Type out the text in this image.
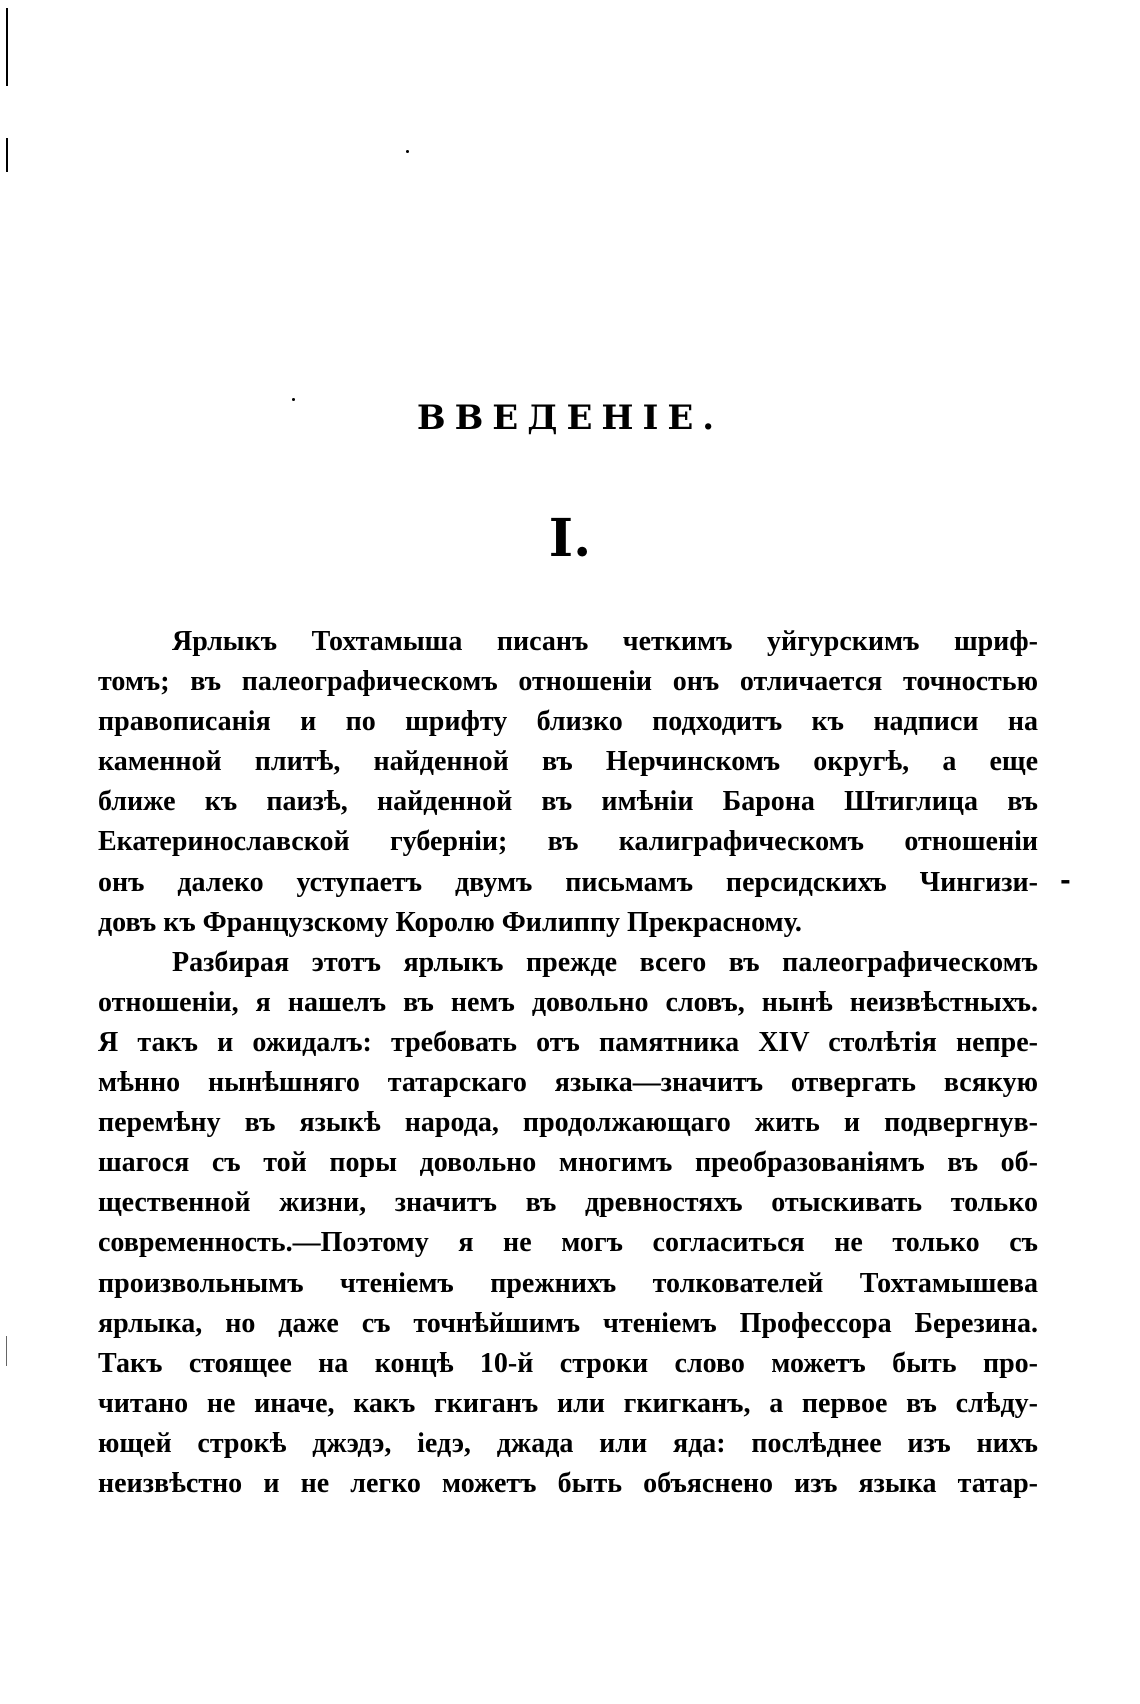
ВВЕДЕНІЕ.
I.
-
Ярлыкъ Тохтамыша писанъ четкимъ уйгурскимъ шриф-
томъ; въ палеографическомъ отношеніи онъ отличается точностью
правописанія и по шрифту близко подходитъ къ надписи на
каменной плитѣ, найденной въ Нерчинскомъ округѣ, а еще
ближе къ паизѣ, найденной въ имѣніи Барона Штиглица въ
Екатеринославской губерніи; въ калиграфическомъ отношеніи
онъ далеко уступаетъ двумъ письмамъ персидскихъ Чингизи-
довъ къ Французскому Королю Филиппу Прекрасному.
Разбирая этотъ ярлыкъ прежде всего въ палеографическомъ
отношеніи, я нашелъ въ немъ довольно словъ, нынѣ неизвѣстныхъ.
Я такъ и ожидалъ: требовать отъ памятника XIV столѣтія непре-
мѣнно нынѣшняго татарскаго языка—значитъ отвергать всякую
перемѣну въ языкѣ народа, продолжающаго жить и подвергнув-
шагося съ той поры довольно многимъ преобразованіямъ въ об-
щественной жизни, значитъ въ древностяхъ отыскивать только
современность.—Поэтому я не могъ согласиться не только съ
произвольнымъ чтеніемъ прежнихъ толкователей Тохтамышева
ярлыка, но даже съ точнѣйшимъ чтеніемъ Профессора Березина.
Такъ стоящее на концѣ 10-й строки слово можетъ быть про-
читано не иначе, какъ гкиганъ или гкигканъ, а первое въ слѣду-
ющей строкѣ джэдэ, іедэ, джада или яда: послѣднее изъ нихъ
неизвѣстно и не легко можетъ быть объяснено изъ языка татар-
